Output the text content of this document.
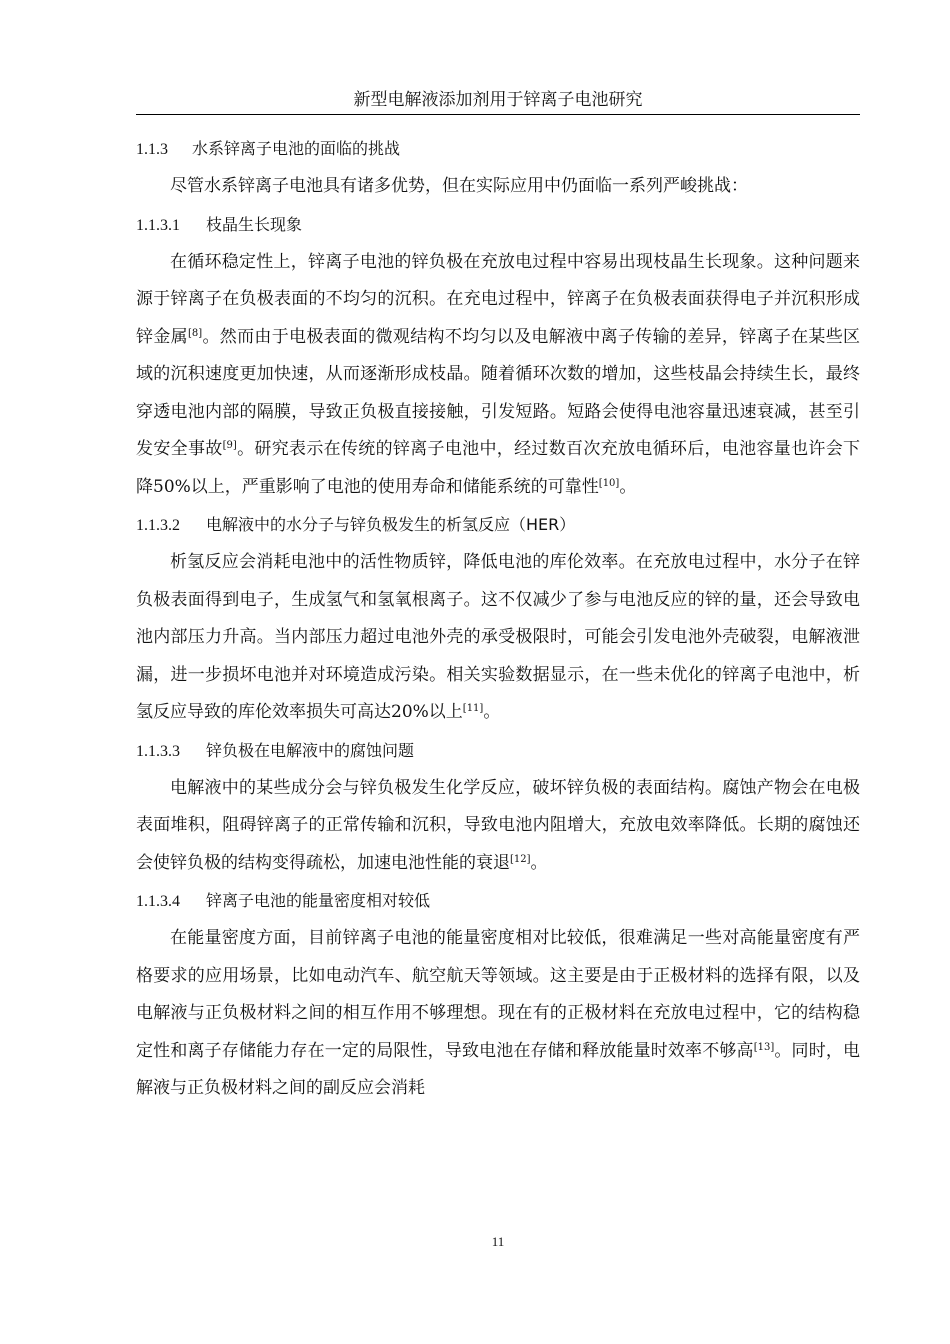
新型电解液添加剂用于锌离子电池研究
1.1.3 水系锌离子电池的面临的挑战

尽管水系锌离子电池具有诸多优势，但在实际应用中仍面临一系列严峻挑战：

1.1.3.1 枝晶生长现象

在循环稳定性上，锌离子电池的锌负极在充放电过程中容易出现枝晶生长现象。这种问题来源于锌离子在负极表面的不均匀的沉积。在充电过程中，锌离子在负极表面获得电子并沉积形成锌金属[8]。然而由于电极表面的微观结构不均匀以及电解液中离子传输的差异，锌离子在某些区域的沉积速度更加快速，从而逐渐形成枝晶。随着循环次数的增加，这些枝晶会持续生长，最终穿透电池内部的隔膜，导致正负极直接接触，引发短路。短路会使得电池容量迅速衰减，甚至引发安全事故[9]。研究表示在传统的锌离子电池中，经过数百次充放电循环后，电池容量也许会下降50%以上，严重影响了电池的使用寿命和储能系统的可靠性[10]。

1.1.3.2 电解液中的水分子与锌负极发生的析氢反应（HER）

析氢反应会消耗电池中的活性物质锌，降低电池的库伦效率。在充放电过程中，水分子在锌负极表面得到电子，生成氢气和氢氧根离子。这不仅减少了参与电池反应的锌的量，还会导致电池内部压力升高。当内部压力超过电池外壳的承受极限时，可能会引发电池外壳破裂，电解液泄漏，进一步损坏电池并对环境造成污染。相关实验数据显示，在一些未优化的锌离子电池中，析氢反应导致的库伦效率损失可高达20%以上[11]。

1.1.3.3 锌负极在电解液中的腐蚀问题

电解液中的某些成分会与锌负极发生化学反应，破坏锌负极的表面结构。腐蚀产物会在电极表面堆积，阻碍锌离子的正常传输和沉积，导致电池内阻增大，充放电效率降低。长期的腐蚀还会使锌负极的结构变得疏松，加速电池性能的衰退[12]。

1.1.3.4 锌离子电池的能量密度相对较低

在能量密度方面，目前锌离子电池的能量密度相对比较低，很难满足一些对高能量密度有严格要求的应用场景，比如电动汽车、航空航天等领域。这主要是由于正极材料的选择有限，以及电解液与正负极材料之间的相互作用不够理想。现在有的正极材料在充放电过程中，它的结构稳定性和离子存储能力存在一定的局限性，导致电池在存储和释放能量时效率不够高[13]。同时，电解液与正负极材料之间的副反应会消耗

11
